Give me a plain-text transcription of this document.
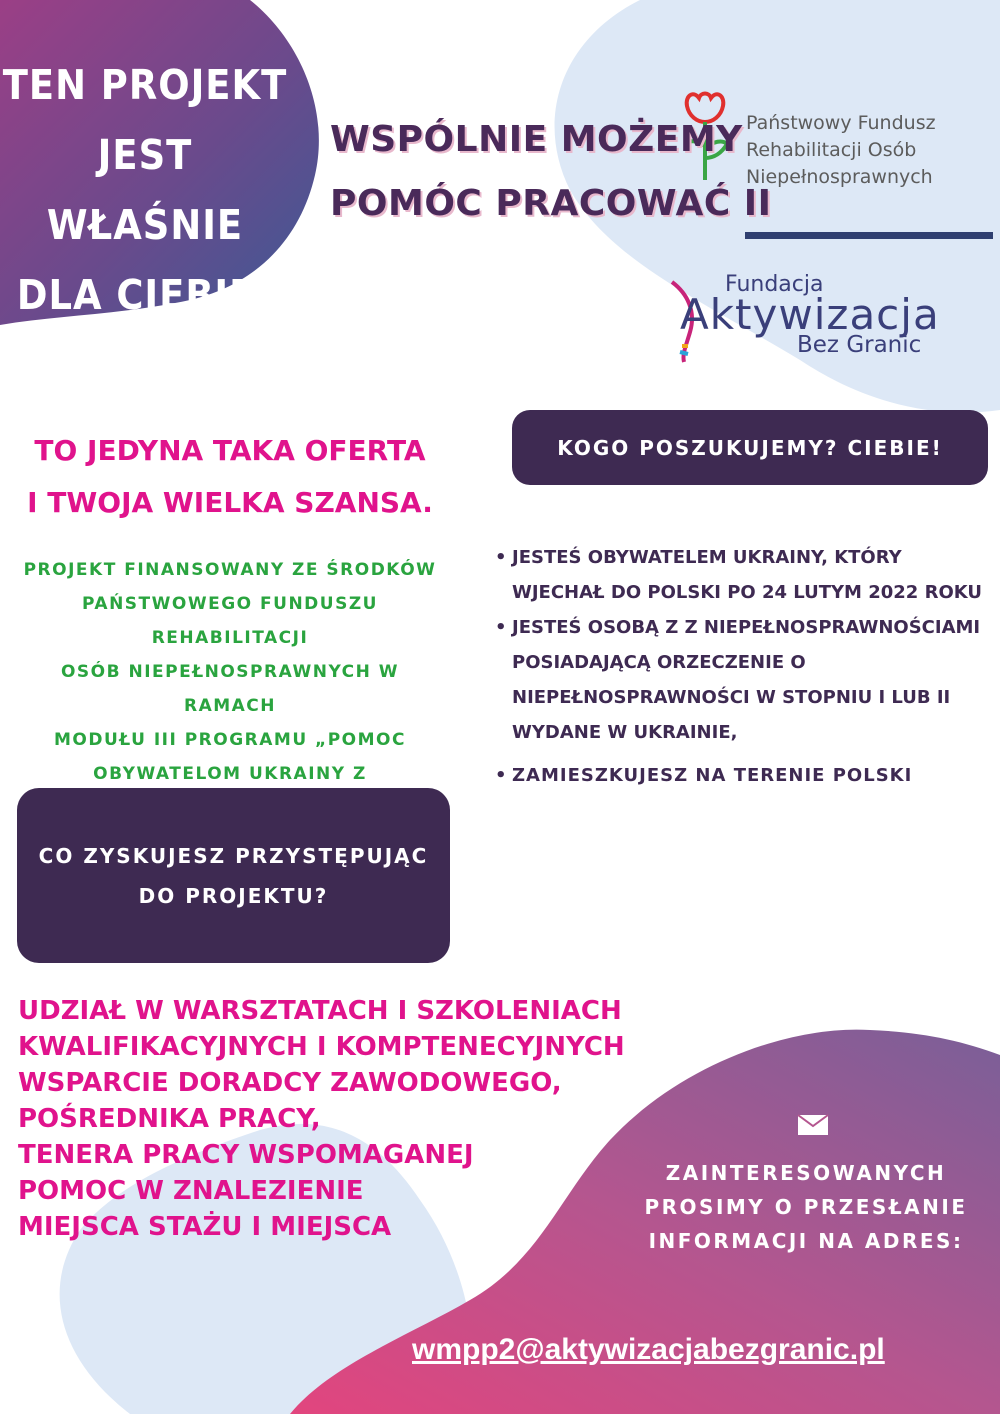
TEN PROJEKT
JEST WŁAŚNIE
DLA CIEBIE!
WSPÓLNIE MOŻEMY
POMÓC PRACOWAĆ II
Państwowy Fundusz
Rehabilitacji Osób
Niepełnosprawnych
Fundacja
Aktywizacja
Bez Granic
TO JEDYNA TAKA OFERTA
I TWOJA WIELKA SZANSA.
PROJEKT FINANSOWANY ZE ŚRODKÓW
PAŃSTWOWEGO FUNDUSZU REHABILITACJI
OSÓB NIEPEŁNOSPRAWNYCH W RAMACH
MODUŁU III PROGRAMU „POMOC
OBYWATELOM UKRAINY Z
KOGO POSZUKUJEMY? CIEBIE!
• JESTEŚ OBYWATELEM UKRAINY, KTÓRY WJECHAŁ DO POLSKI PO 24 LUTYM 2022 ROKU
• JESTEŚ OSOBĄ Z Z NIEPEŁNOSPRAWNOŚCIAMI POSIADAJĄCĄ ORZECZENIE O NIEPEŁNOSPRAWNOŚCI W STOPNIU I LUB II WYDANE W UKRAINIE,
• ZAMIESZKUJESZ NA TERENIE POLSKI
CO ZYSKUJESZ PRZYSTĘPUJĄC DO PROJEKTU?
UDZIAŁ W WARSZTATACH I SZKOLENIACH
KWALIFIKACYJNYCH I KOMPTENECYJNYCH
WSPARCIE DORADCY ZAWODOWEGO,
POŚREDNIKA PRACY,
TENERA PRACY WSPOMAGANEJ
POMOC W ZNALEZIENIE
MIEJSCA STAŻU I MIEJSCA
ZAINTERESOWANYCH PROSIMY O PRZESŁANIE INFORMACJI NA ADRES:
wmpp2@aktywizacjabezgranic.pl
